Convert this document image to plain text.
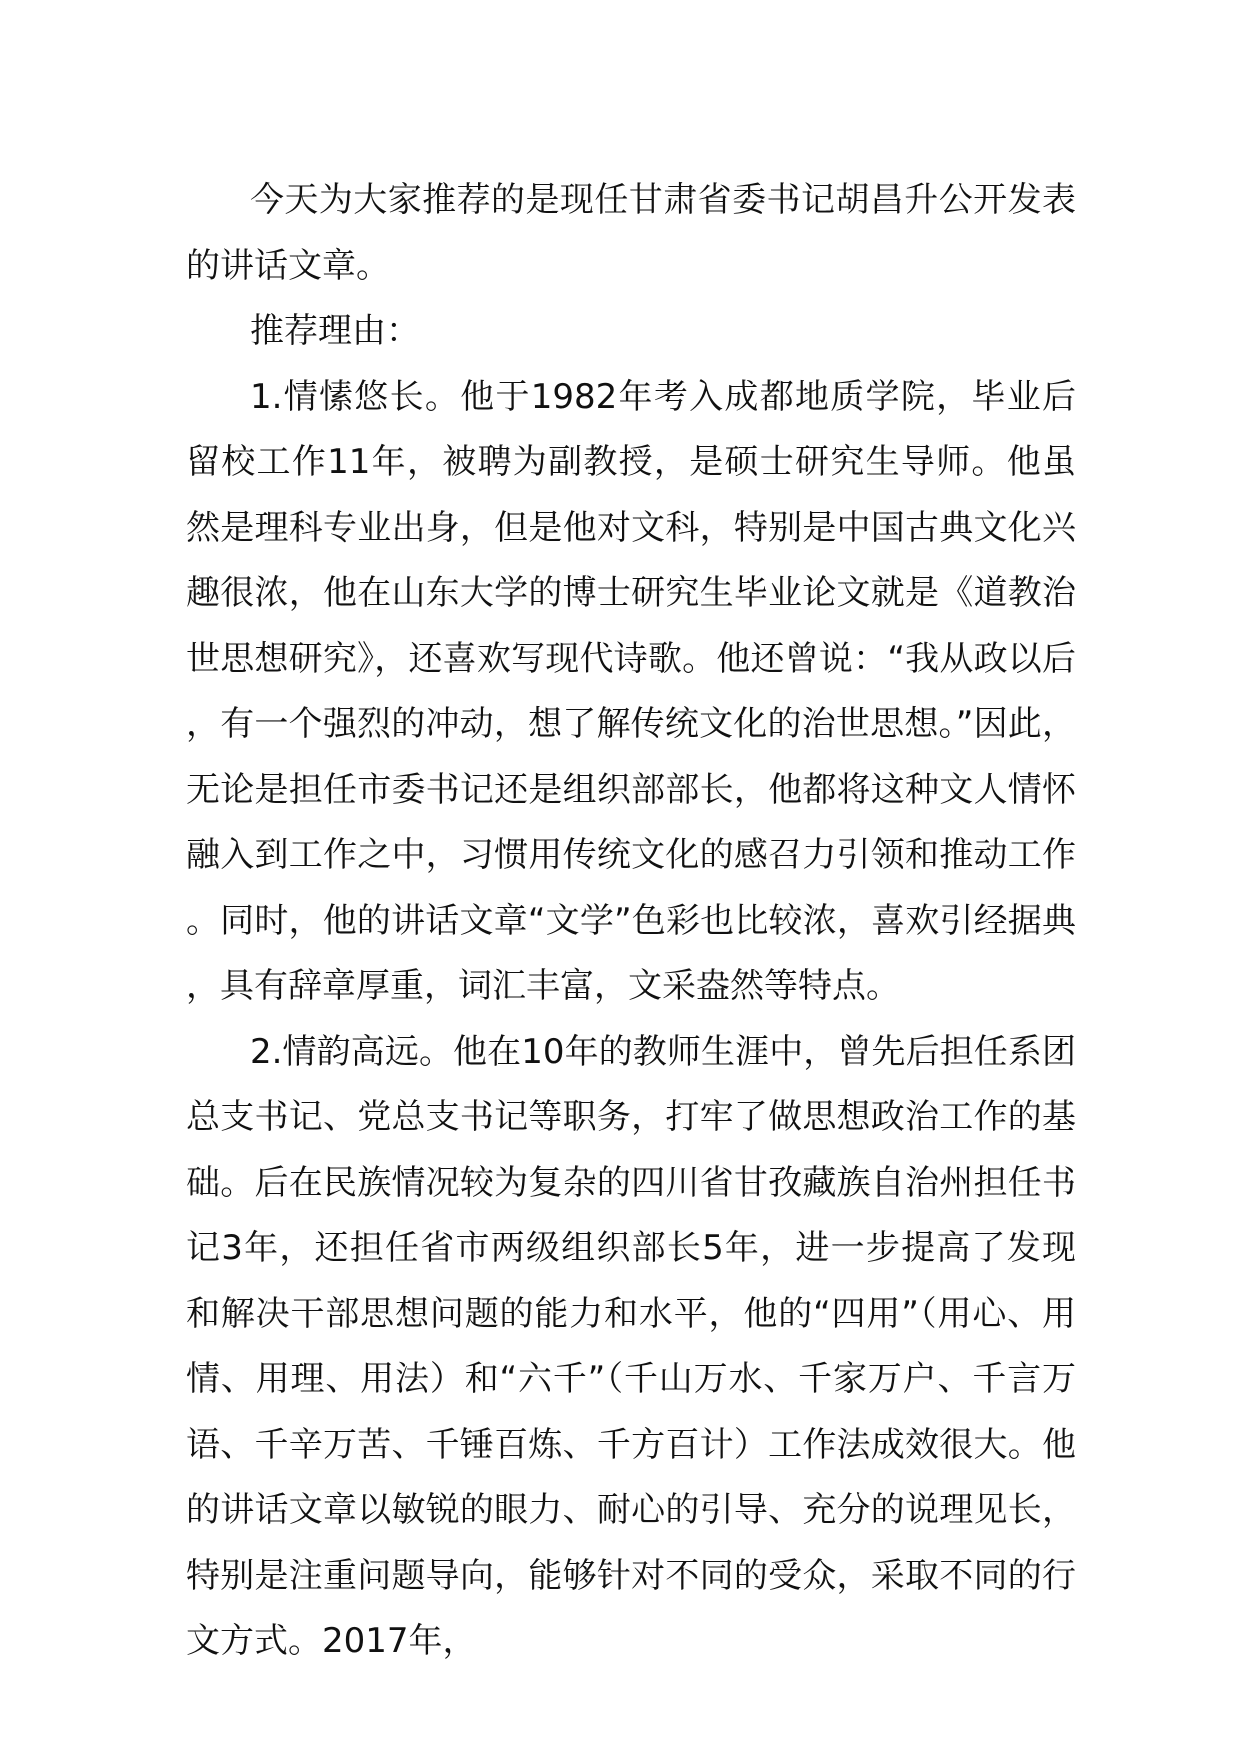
今天为大家推荐的是现任甘肃省委书记胡昌升公开发表的讲话文章。

推荐理由：

1.情愫悠长。他于1982年考入成都地质学院，毕业后留校工作11年，被聘为副教授，是硕士研究生导师。他虽然是理科专业出身，但是他对文科，特别是中国古典文化兴趣很浓，他在山东大学的博士研究生毕业论文就是《道教治世思想研究》，还喜欢写现代诗歌。他还曾说：“我从政以后，有一个强烈的冲动，想了解传统文化的治世思想。”因此，无论是担任市委书记还是组织部部长，他都将这种文人情怀融入到工作之中，习惯用传统文化的感召力引领和推动工作。同时，他的讲话文章“文学”色彩也比较浓，喜欢引经据典，具有辞章厚重，词汇丰富，文采盎然等特点。

2.情韵高远。他在10年的教师生涯中，曾先后担任系团总支书记、党总支书记等职务，打牢了做思想政治工作的基础。后在民族情况较为复杂的四川省甘孜藏族自治州担任书记3年，还担任省市两级组织部长5年，进一步提高了发现和解决干部思想问题的能力和水平，他的“四用”（用心、用情、用理、用法）和“六千”（千山万水、千家万户、千言万语、千辛万苦、千锤百炼、千方百计）工作法成效很大。他的讲话文章以敏锐的眼力、耐心的引导、充分的说理见长，特别是注重问题导向，能够针对不同的受众，采取不同的行文方式。2017年，
